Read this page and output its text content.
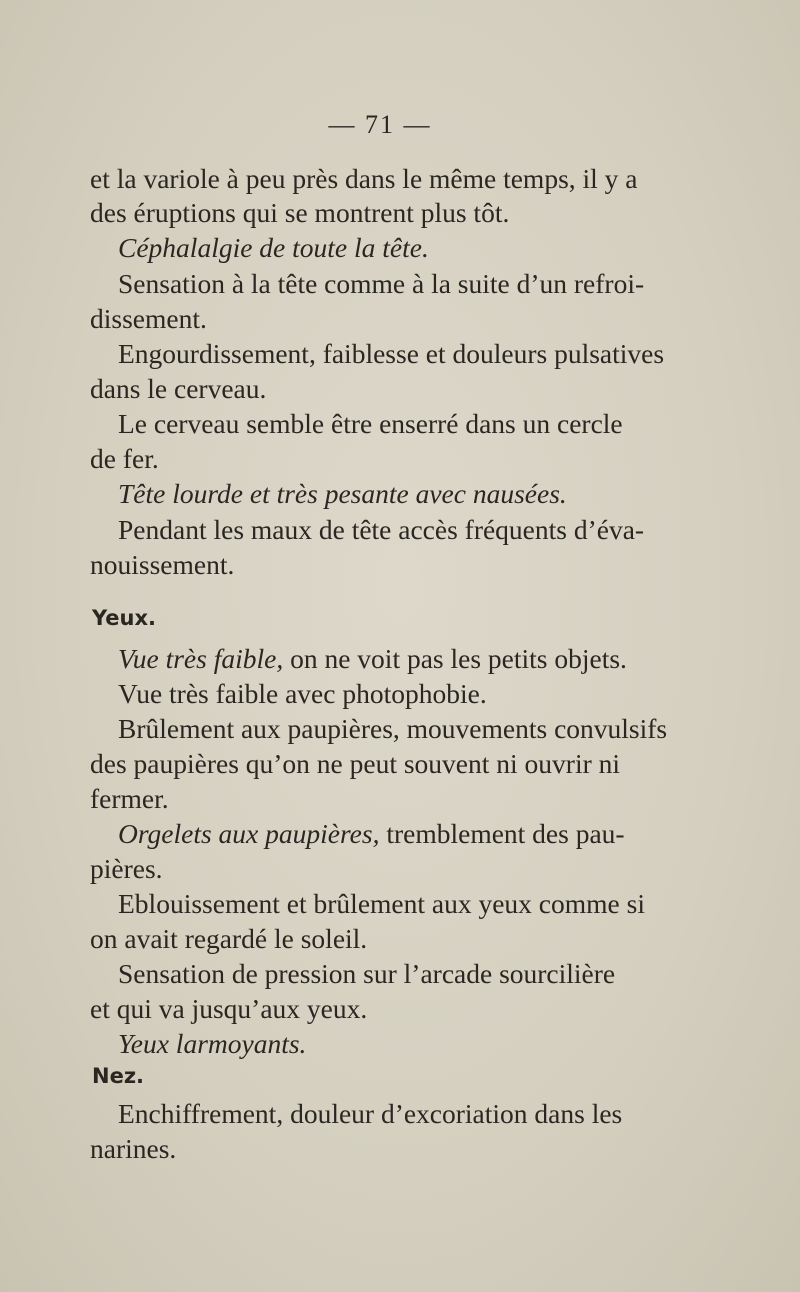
— 71 —
et la variole à peu près dans le même temps, il y a
des éruptions qui se montrent plus tôt.
Céphalalgie de toute la tête.
Sensation à la tête comme à la suite d’un refroi-
dissement.
Engourdissement, faiblesse et douleurs pulsatives
dans le cerveau.
Le cerveau semble être enserré dans un cercle
de fer.
Tête lourde et très pesante avec nausées.
Pendant les maux de tête accès fréquents d’éva-
nouissement.
Yeux.
Vue très faible, on ne voit pas les petits objets.
Vue très faible avec photophobie.
Brûlement aux paupières, mouvements convulsifs
des paupières qu’on ne peut souvent ni ouvrir ni
fermer.
Orgelets aux paupières, tremblement des pau-
pières.
Eblouissement et brûlement aux yeux comme si
on avait regardé le soleil.
Sensation de pression sur l’arcade sourcilière
et qui va jusqu’aux yeux.
Yeux larmoyants.
Nez.
Enchiffrement, douleur d’excoriation dans les
narines.
